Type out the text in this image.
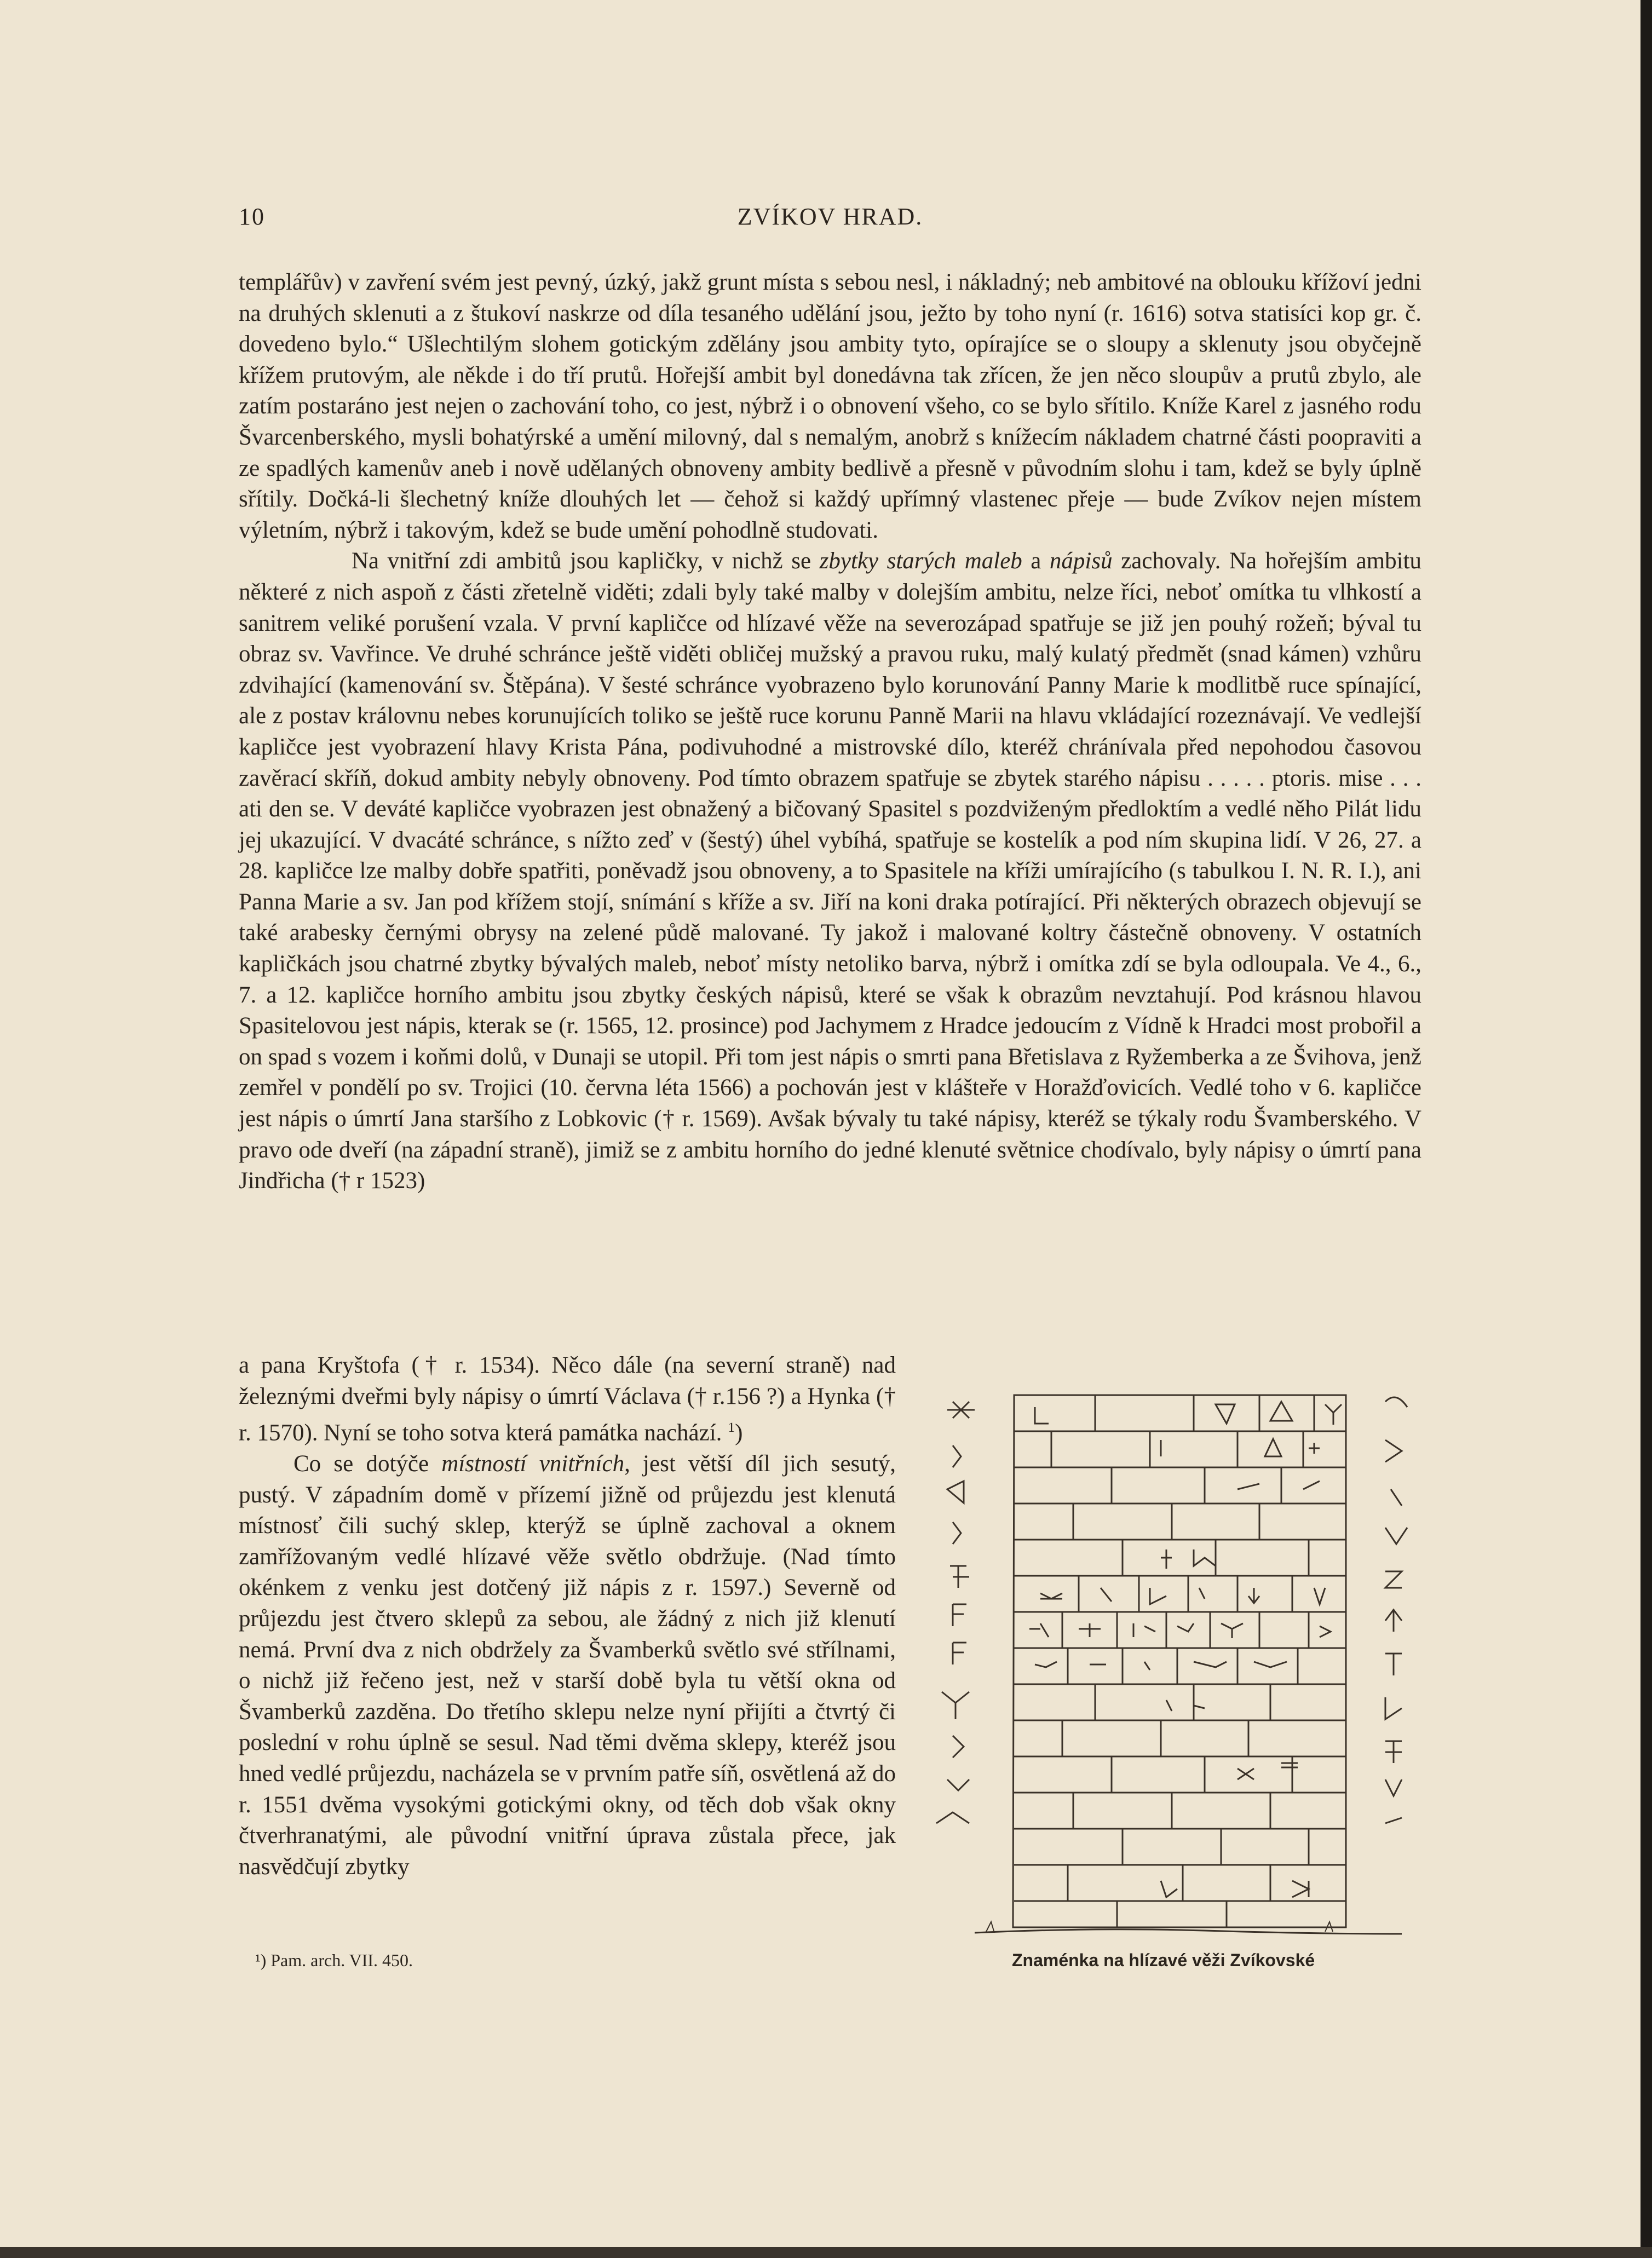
10	ZVÍKOV HRAD.

templářův) v zavření svém jest pevný, úzký, jakž grunt místa s sebou nesl, i nákladný; neb ambitové na oblouku křížoví jedni na druhých sklenuti a z štukoví naskrze od díla tesaného udělání jsou, ježto by toho nyní (r. 1616) sotva statisíci kop gr. č. dovedeno bylo.“ Ušlechtilým slohem gotickým zdělány jsou ambity tyto, opírajíce se o sloupy a sklenuty jsou obyčejně křížem prutovým, ale někde i do tří prutů. Hořejší ambit byl donedávna tak zřícen, že jen něco sloupův a prutů zbylo, ale zatím postaráno jest nejen o zachování toho, co jest, nýbrž i o obnovení všeho, co se bylo sřítilo. Kníže Karel z jasného rodu Švarcenberského, mysli bohatýrské a umění milovný, dal s nemalým, anobrž s knížecím nákladem chatrné části poopraviti a ze spadlých kamenův aneb i nově udělaných obnoveny ambity bedlivě a přesně v původním slohu i tam, kdež se byly úplně sřítily. Dočká-li šlechetný kníže dlouhých let — čehož si každý upřímný vlastenec přeje — bude Zvíkov nejen místem výletním, nýbrž i takovým, kdež se bude umění pohodlně studovati.

Na vnitřní zdi ambitů jsou kapličky, v nichž se zbytky starých maleb a nápisů zachovaly. Na hořejším ambitu některé z nich aspoň z části zřetelně viděti; zdali byly také malby v dolejším ambitu, nelze říci, neboť omítka tu vlhkostí a sanitrem veliké porušení vzala. V první kapličce od hlízavé věže na severozápad spatřuje se již jen pouhý rožeň; býval tu obraz sv. Vavřince. Ve druhé schránce ještě viděti obličej mužský a pravou ruku, malý kulatý předmět (snad kámen) vzhůru zdvihající (kamenování sv. Štěpána). V šesté schránce vyobrazeno bylo korunování Panny Marie k modlitbě ruce spínající, ale z postav královnu nebes korunujících toliko se ještě ruce korunu Panně Marii na hlavu vkládající rozeznávají. Ve vedlejší kapličce jest vyobrazení hlavy Krista Pána, podivuhodné a mistrovské dílo, kteréž chránívala před nepohodou časovou zavěrací skříň, dokud ambity nebyly obnoveny. Pod tímto obrazem spatřuje se zbytek starého nápisu . . . . . ptoris. mise . . . ati den se. V deváté kapličce vyobrazen jest obnažený a bičovaný Spasitel s pozdviženým předloktím a vedlé něho Pilát lidu jej ukazující. V dvacáté schránce, s nížto zeď v (šestý) úhel vybíhá, spatřuje se kostelík a pod ním skupina lidí. V 26, 27. a 28. kapličce lze malby dobře spatřiti, poněvadž jsou obnoveny, a to Spasitele na kříži umírajícího (s tabulkou I. N. R. I.), ani Panna Marie a sv. Jan pod křížem stojí, snímání s kříže a sv. Jiří na koni draka potírající. Při některých obrazech objevují se také arabesky černými obrysy na zelené půdě malované. Ty jakož i malované koltry částečně obnoveny. V ostatních kapličkách jsou chatrné zbytky bývalých maleb, neboť místy netoliko barva, nýbrž i omítka zdí se byla odloupala. Ve 4., 6., 7. a 12. kapličce horního ambitu jsou zbytky českých nápisů, které se však k obrazům nevztahují. Pod krásnou hlavou Spasitelovou jest nápis, kterak se (r. 1565, 12. prosince) pod Jachymem z Hradce jedoucím z Vídně k Hradci most probořil a on spad s vozem i koňmi dolů, v Dunaji se utopil. Při tom jest nápis o smrti pana Břetislava z Ryžemberka a ze Švihova, jenž zemřel v pondělí po sv. Trojici (10. června léta 1566) a pochován jest v klášteře v Horažďovicích. Vedlé toho v 6. kapličce jest nápis o úmrtí Jana staršího z Lobkovic († r. 1569). Avšak bývaly tu také nápisy, kteréž se týkaly rodu Švamberského. V pravo ode dveří (na západní straně), jimiž se z ambitu horního do jedné klenuté světnice chodívalo, byly nápisy o úmrtí pana Jindřicha († r 1523)

a pana Kryštofa († r. 1534). Něco dále (na severní straně) nad železnými dveřmi byly nápisy o úmrtí Václava († r.156 ?) a Hynka († r. 1570). Nyní se toho sotva která památka nachází. $^1$)

Co se dotýče místností vnitřních, jest větší díl jich sesutý, pustý. V západním domě v přízemí jižně od průjezdu jest klenutá místnosť čili suchý sklep, kterýž se úplně zachoval a oknem zamřížovaným vedlé hlízavé věže světlo obdržuje. (Nad tímto okénkem z venku jest dotčený již nápis z r. 1597.) Severně od průjezdu jest čtvero sklepů za sebou, ale žádný z nich již klenutí nemá. První dva z nich obdržely za Švamberků světlo své střílnami, o nichž již řečeno jest, než v starší době byla tu větší okna od Švamberků zazděna. Do třetího sklepu nelze nyní přijíti a čtvrtý či poslední v rohu úplně se sesul. Nad těmi dvěma sklepy, kteréž jsou hned vedlé průjezdu, nacházela se v prvním patře síň, osvětlená až do r. 1551 dvěma vysokými gotickými okny, od těch dob však okny čtverhranatými, ale původní vnitřní úprava zůstala přece, jak nasvědčují zbytky

Znaménka na hlízavé věži Zvíkovské
¹) Pam. arch. VII. 450.
